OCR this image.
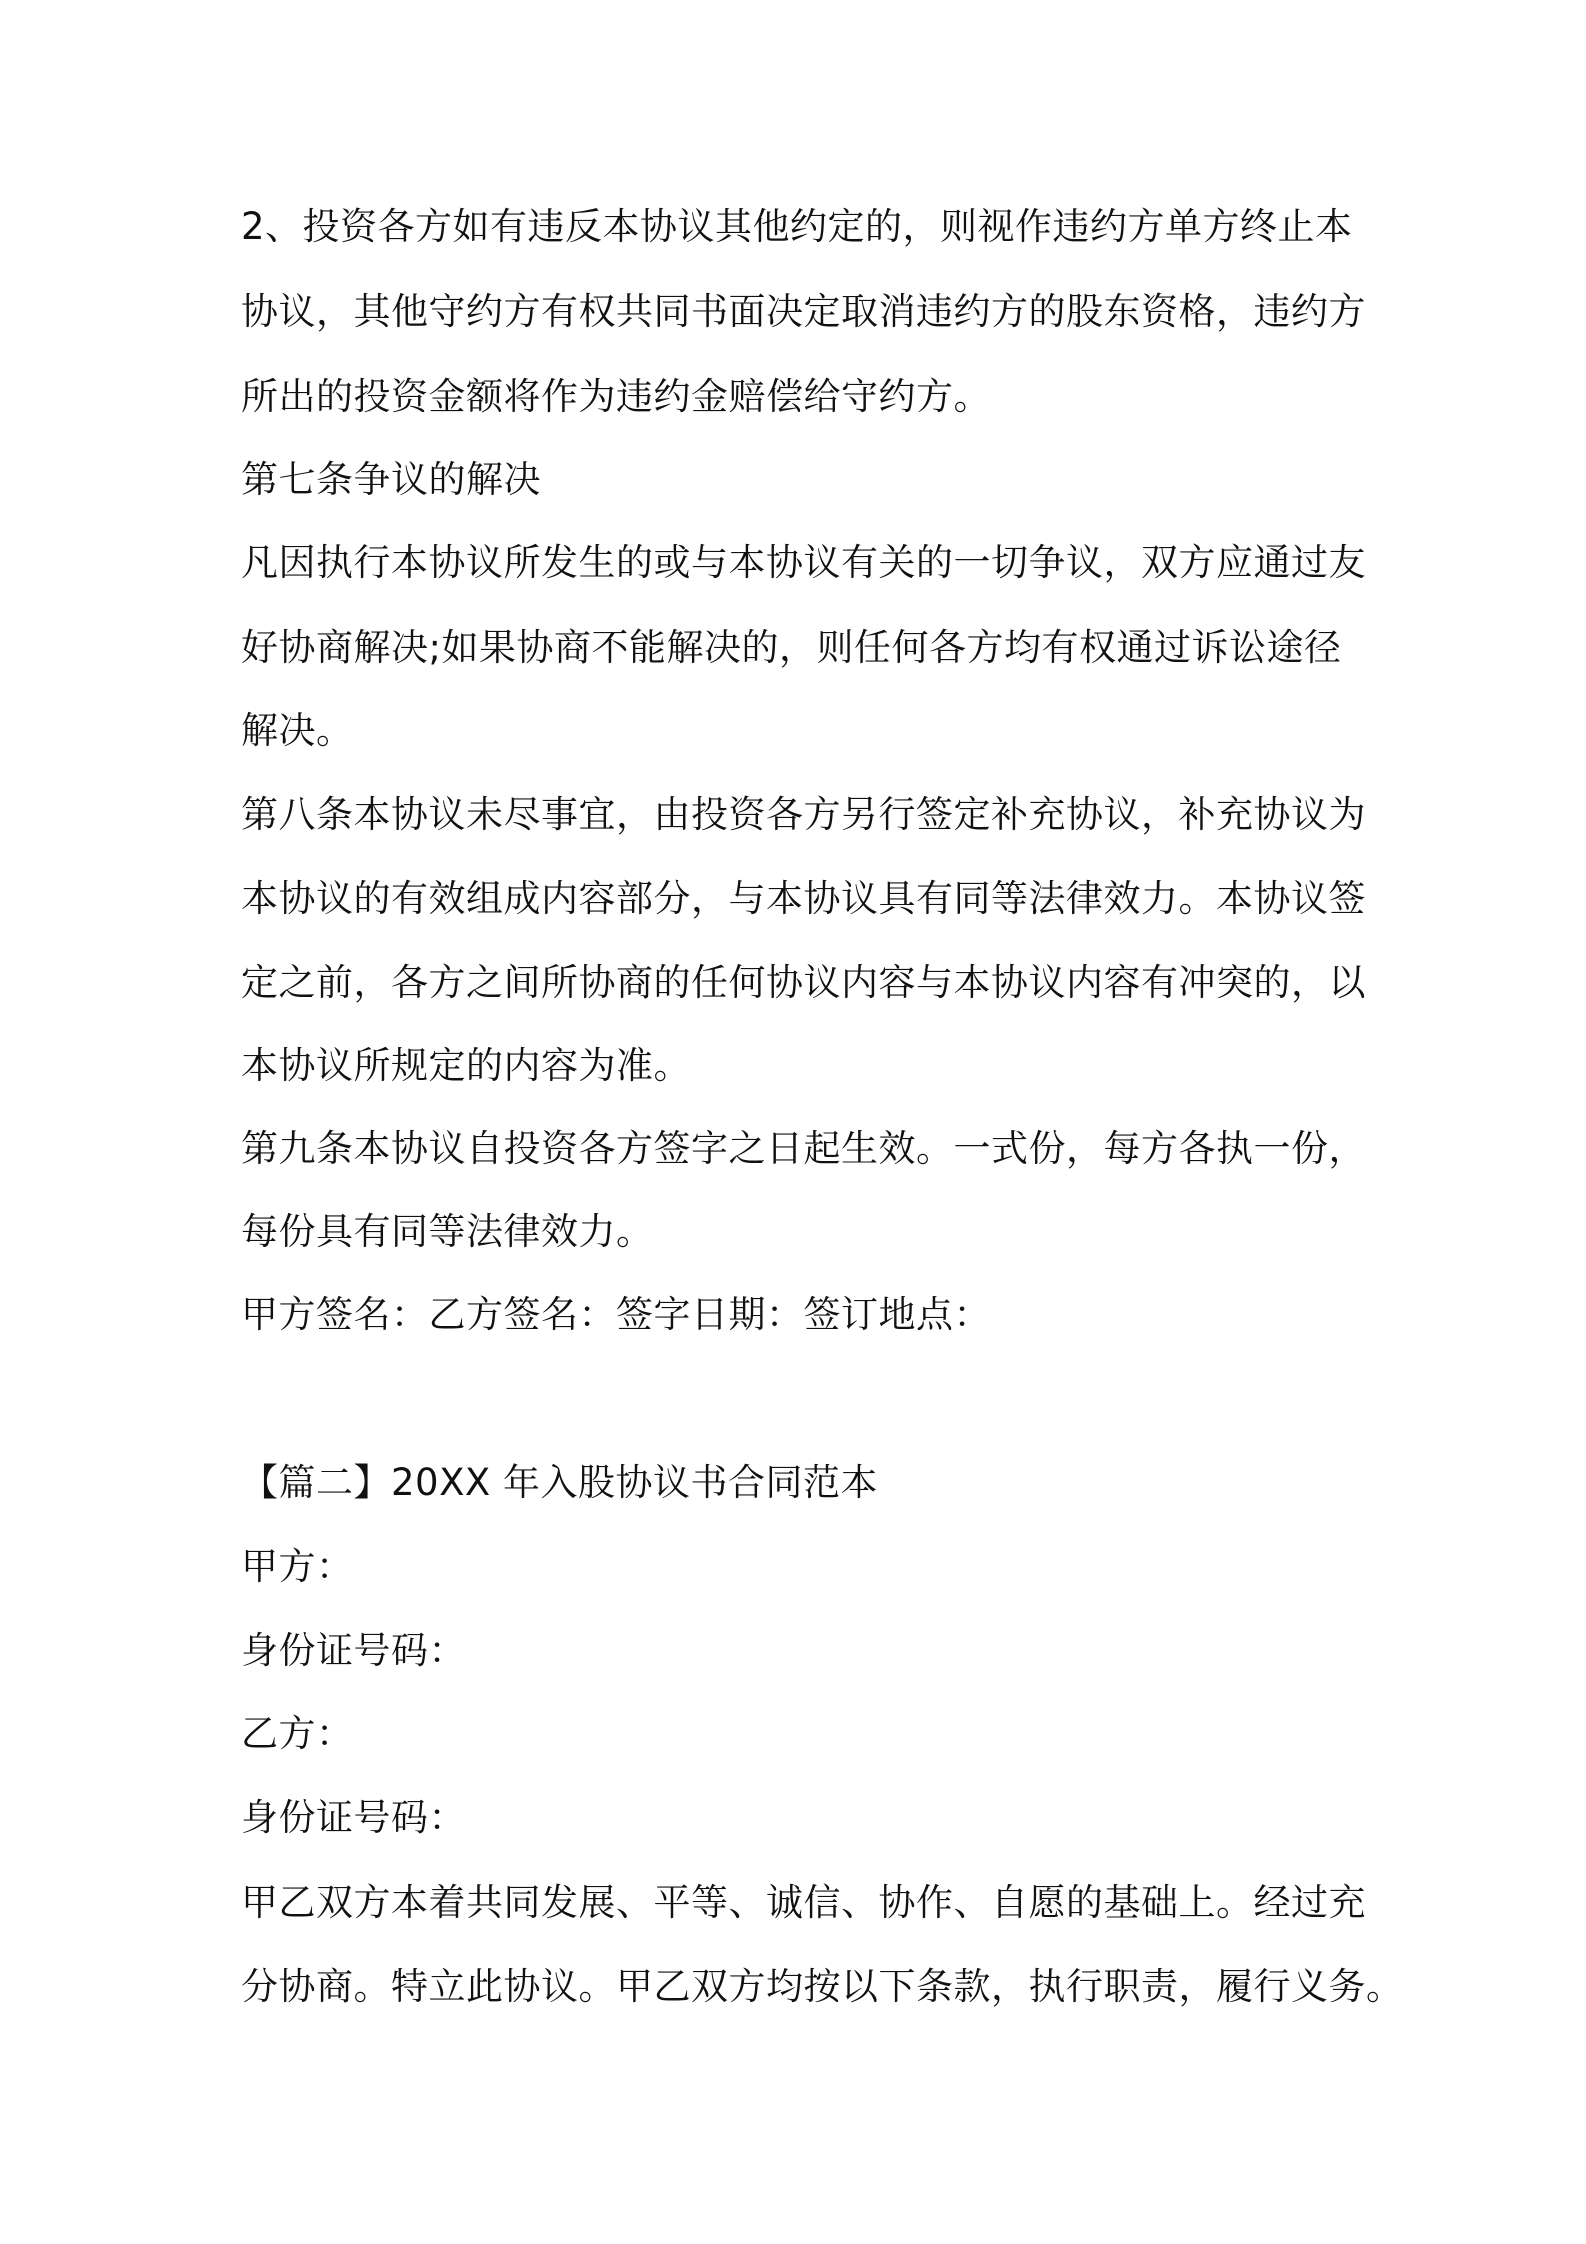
2、投资各方如有违反本协议其他约定的，则视作违约方单方终止本
协议，其他守约方有权共同书面决定取消违约方的股东资格，违约方
所出的投资金额将作为违约金赔偿给守约方。
第七条争议的解决
凡因执行本协议所发生的或与本协议有关的一切争议，双方应通过友
好协商解决;如果协商不能解决的，则任何各方均有权通过诉讼途径
解决。
第八条本协议未尽事宜，由投资各方另行签定补充协议，补充协议为
本协议的有效组成内容部分，与本协议具有同等法律效力。本协议签
定之前，各方之间所协商的任何协议内容与本协议内容有冲突的，以
本协议所规定的内容为准。
第九条本协议自投资各方签字之日起生效。一式份，每方各执一份，
每份具有同等法律效力。
甲方签名：乙方签名：签字日期：签订地点：
【篇二】20XX 年入股协议书合同范本
甲方：
身份证号码：
乙方：
身份证号码：
甲乙双方本着共同发展、平等、诚信、协作、自愿的基础上。经过充
分协商。特立此协议。甲乙双方均按以下条款，执行职责，履行义务。
